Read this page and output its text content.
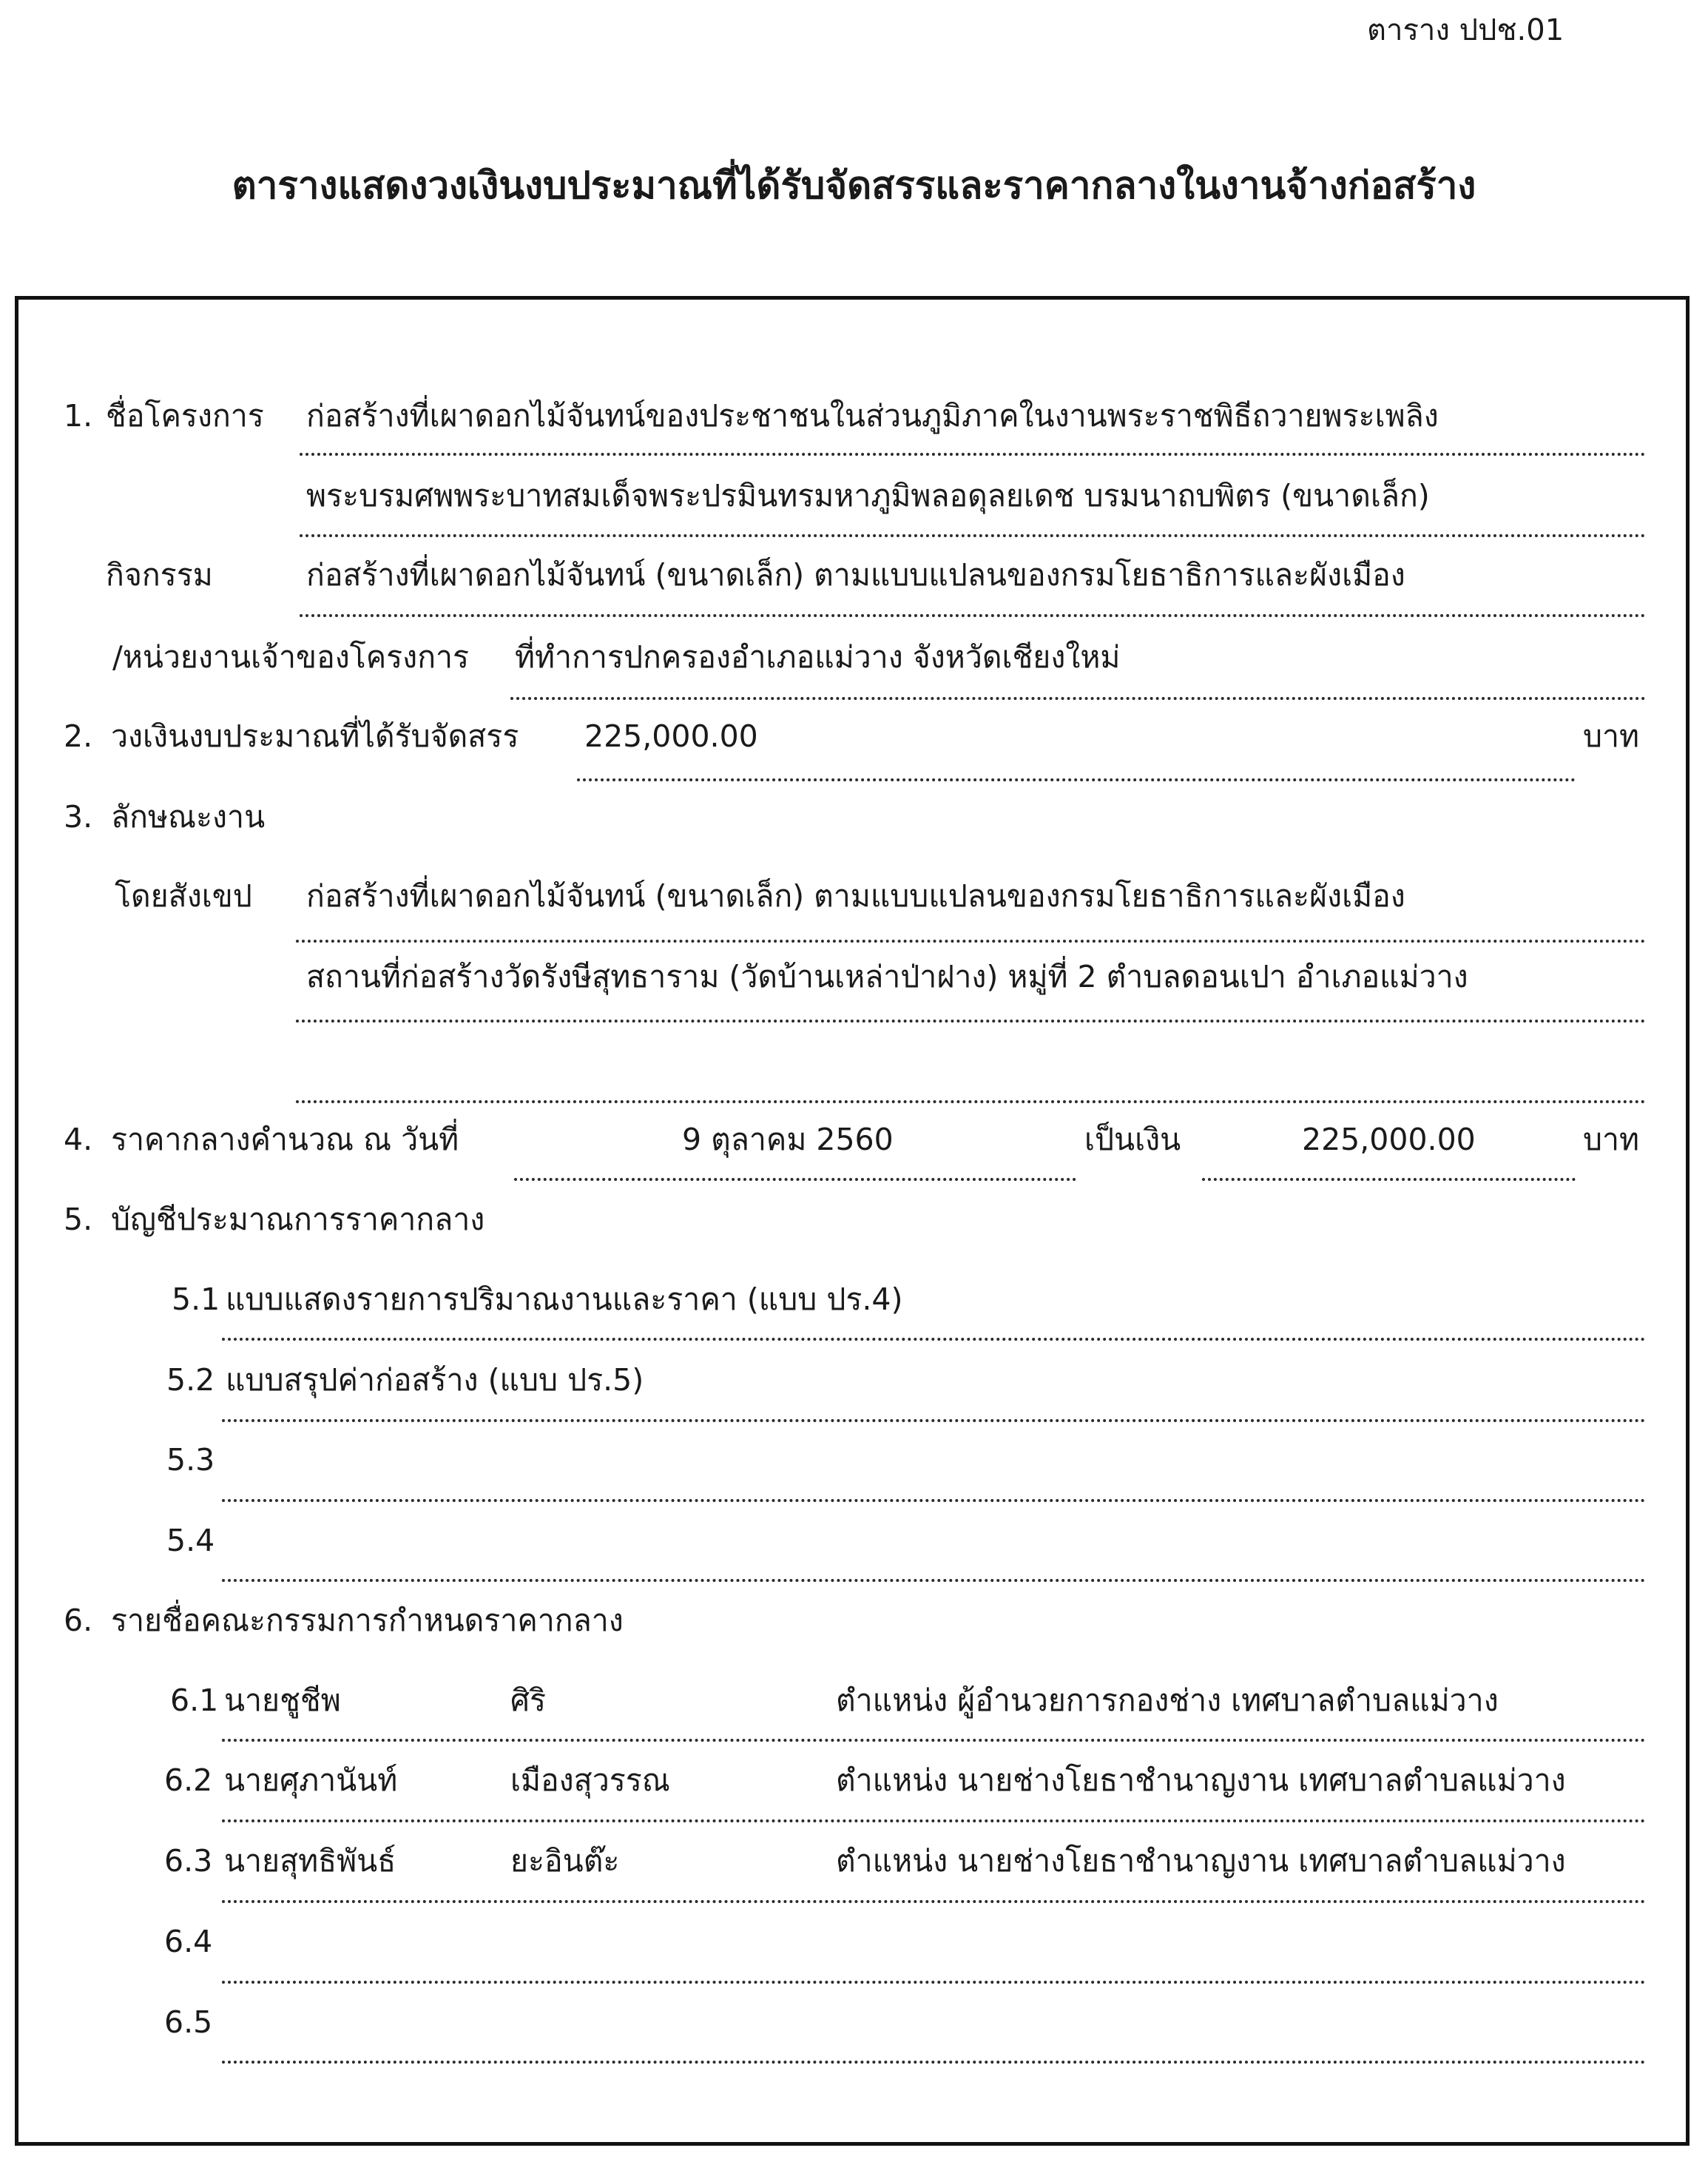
ตาราง ปปช.01
ตารางแสดงวงเงินงบประมาณที่ได้รับจัดสรรและราคากลางในงานจ้างก่อสร้าง
1. ชื่อโครงการ ก่อสร้างที่เผาดอกไม้จันทน์ของประชาชนในส่วนภูมิภาคในงานพระราชพิธีถวายพระเพลิง
พระบรมศพพระบาทสมเด็จพระปรมินทรมหาภูมิพลอดุลยเดช บรมนาถบพิตร (ขนาดเล็ก)
กิจกรรม	ก่อสร้างที่เผาดอกไม้จันทน์ (ขนาดเล็ก) ตามแบบแปลนของกรมโยธาธิการและผังเมือง
/หน่วยงานเจ้าของโครงการ ที่ทำการปกครองอำเภอแม่วาง จังหวัดเชียงใหม่
2. วงเงินงบประมาณที่ได้รับจัดสรร 225,000.00	บาท
3. ลักษณะงาน
โดยสังเขป ก่อสร้างที่เผาดอกไม้จันทน์ (ขนาดเล็ก) ตามแบบแปลนของกรมโยธาธิการและผังเมือง
สถานที่ก่อสร้างวัดรังษีสุทธาราม (วัดบ้านเหล่าป่าฝาง) หมู่ที่ 2 ตำบลดอนเปา อำเภอแม่วาง
4. ราคากลางคำนวณ ณ วันที่	9 ตุลาคม 2560	เป็นเงิน	225,000.00	บาท
5. บัญชีประมาณการราคากลาง
5.1 แบบแสดงรายการปริมาณงานและราคา (แบบ ปร.4)
5.2 แบบสรุปค่าก่อสร้าง (แบบ ปร.5)
5.3
5.4
6. รายชื่อคณะกรรมการกำหนดราคากลาง
6.1 นายชูชีพ	ศิริ	ตำแหน่ง ผู้อำนวยการกองช่าง เทศบาลตำบลแม่วาง
6.2 นายศุภานันท์	เมืองสุวรรณ	ตำแหน่ง นายช่างโยธาชำนาญงาน เทศบาลตำบลแม่วาง
6.3 นายสุทธิพันธ์	ยะอินต๊ะ	ตำแหน่ง นายช่างโยธาชำนาญงาน เทศบาลตำบลแม่วาง
6.4
6.5
